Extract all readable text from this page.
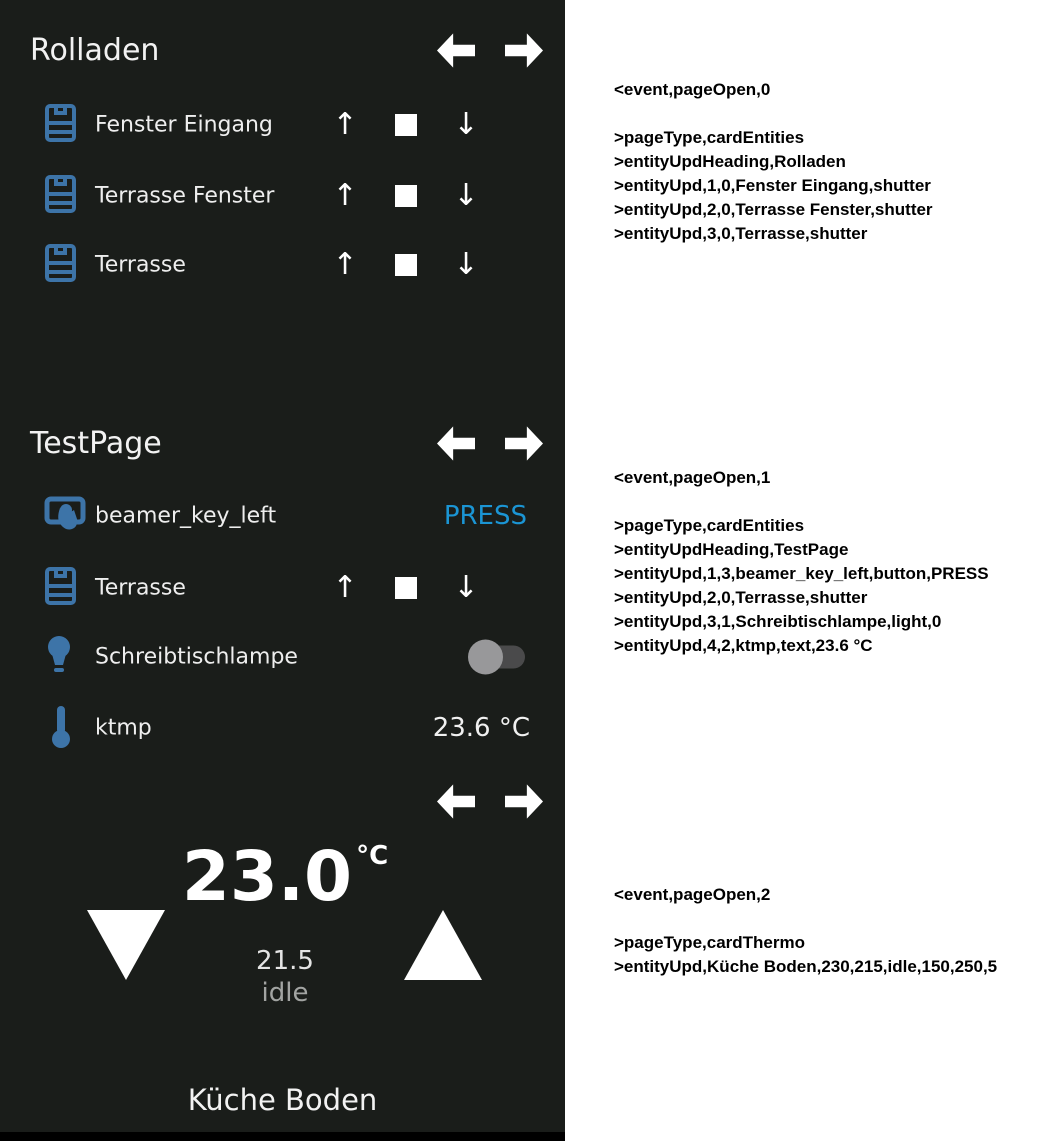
Rolladen
Fenster Eingang ↑	↓
Terrasse Fenster ↑	↓
Terrasse	↑	↓
TestPage
beamer_key_left	PRESS
Terrasse	↑	↓
Schreibtischlampe
ktmp	23.6 °C
23.0 $^{^\circ C}$
21.5
idle
Küche Boden
<event,pageOpen,0
>pageType,cardEntities
>entityUpdHeading,Rolladen
>entityUpd,1,0,Fenster Eingang,shutter
>entityUpd,2,0,Terrasse Fenster,shutter
>entityUpd,3,0,Terrasse,shutter
<event,pageOpen,1
>pageType,cardEntities
>entityUpdHeading,TestPage
>entityUpd,1,3,beamer_key_left,button,PRESS
>entityUpd,2,0,Terrasse,shutter
>entityUpd,3,1,Schreibtischlampe,light,0
>entityUpd,4,2,ktmp,text,23.6 °C
<event,pageOpen,2
>pageType,cardThermo
>entityUpd,Küche Boden,230,215,idle,150,250,5
